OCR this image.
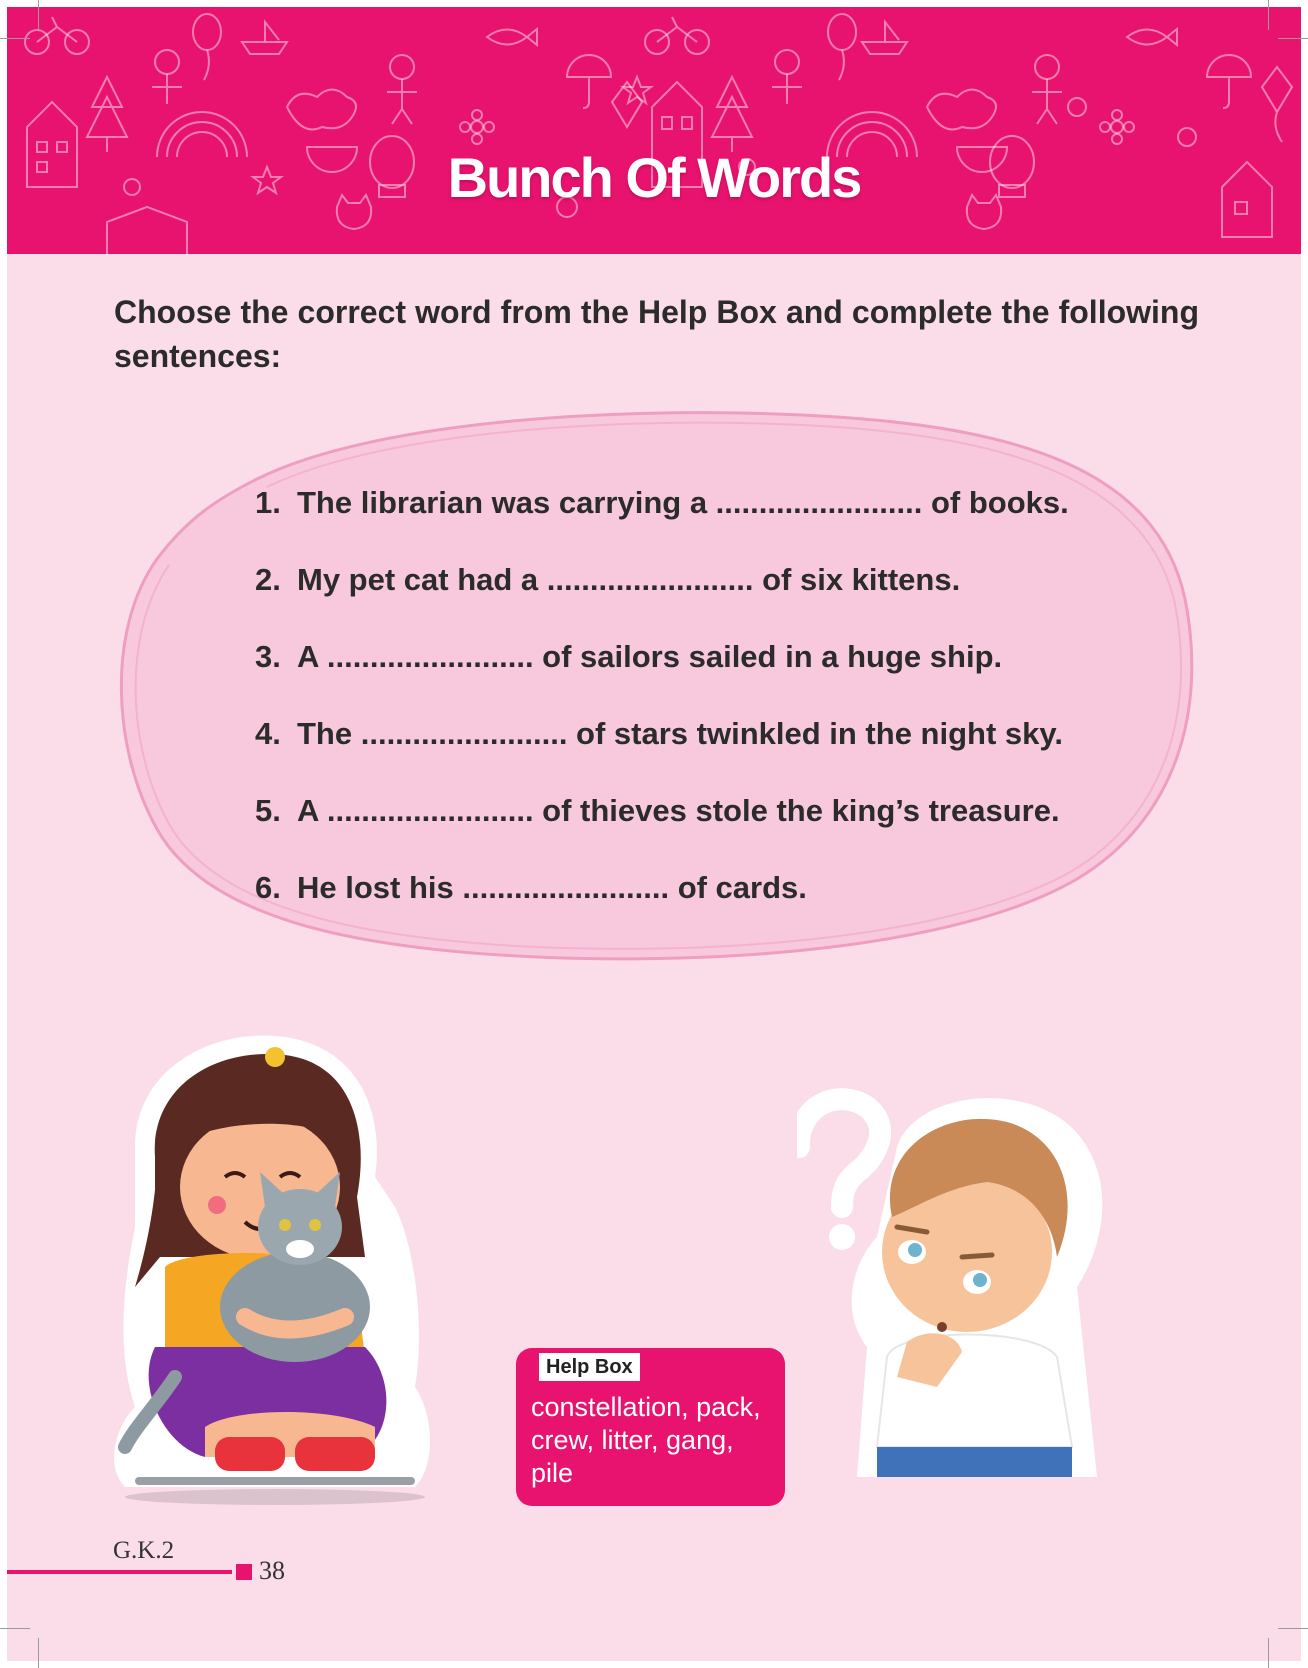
Bunch Of Words
Choose the correct word from the Help Box and complete the following sentences:
1. The librarian was carrying a ........................ of books.
2. My pet cat had a ........................ of six kittens.
3. A ........................ of sailors sailed in a huge ship.
4. The ........................ of stars twinkled in the night sky.
5. A ........................ of thieves stole the king’s treasure.
6. He lost his ........................ of cards.
Help Box
constellation, pack, crew, litter, gang, pile
G.K.2
38
